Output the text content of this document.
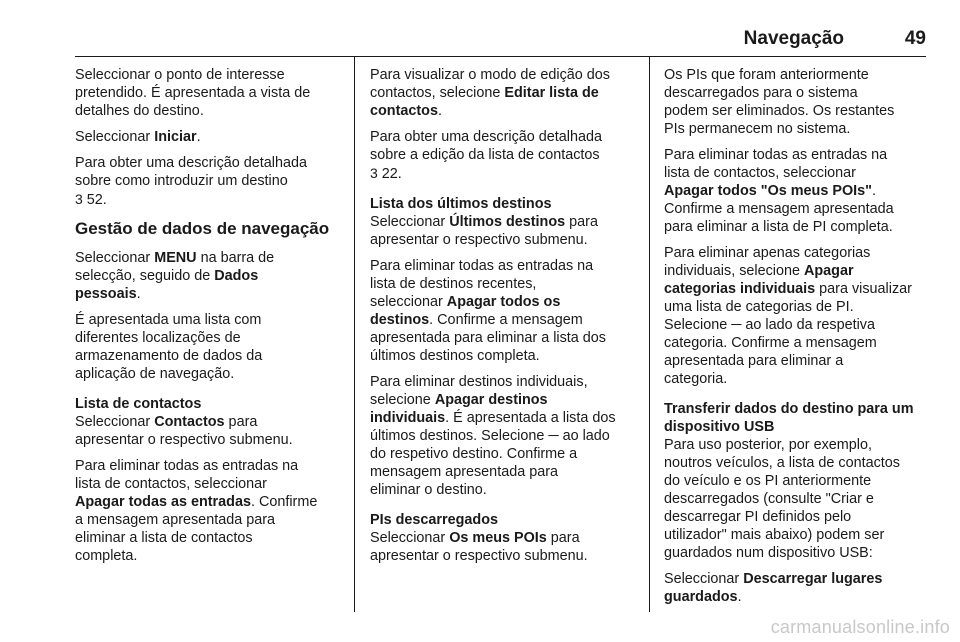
Navegação	49
Seleccionar o ponto de interesse
pretendido. É apresentada a vista de
detalhes do destino.
Seleccionar Iniciar.
Para obter uma descrição detalhada
sobre como introduzir um destino
3 52.
Gestão de dados de navegação
Seleccionar MENU na barra de
selecção, seguido de Dados
pessoais.
É apresentada uma lista com
diferentes localizações de
armazenamento de dados da
aplicação de navegação.
Lista de contactos
Seleccionar Contactos para
apresentar o respectivo submenu.
Para eliminar todas as entradas na
lista de contactos, seleccionar
Apagar todas as entradas. Confirme
a mensagem apresentada para
eliminar a lista de contactos
completa.
Para visualizar o modo de edição dos
contactos, selecione Editar lista de
contactos.
Para obter uma descrição detalhada
sobre a edição da lista de contactos
3 22.
Lista dos últimos destinos
Seleccionar Últimos destinos para
apresentar o respectivo submenu.
Para eliminar todas as entradas na
lista de destinos recentes,
seleccionar Apagar todos os
destinos. Confirme a mensagem
apresentada para eliminar a lista dos
últimos destinos completa.
Para eliminar destinos individuais,
selecione Apagar destinos
individuais. É apresentada a lista dos
últimos destinos. Selecione ─ ao lado
do respetivo destino. Confirme a
mensagem apresentada para
eliminar o destino.
PIs descarregados
Seleccionar Os meus POIs para
apresentar o respectivo submenu.
Os PIs que foram anteriormente
descarregados para o sistema
podem ser eliminados. Os restantes
PIs permanecem no sistema.
Para eliminar todas as entradas na
lista de contactos, seleccionar
Apagar todos "Os meus POIs".
Confirme a mensagem apresentada
para eliminar a lista de PI completa.
Para eliminar apenas categorias
individuais, selecione Apagar
categorias individuais para visualizar
uma lista de categorias de PI.
Selecione ─ ao lado da respetiva
categoria. Confirme a mensagem
apresentada para eliminar a
categoria.
Transferir dados do destino para um
dispositivo USB
Para uso posterior, por exemplo,
noutros veículos, a lista de contactos
do veículo e os PI anteriormente
descarregados (consulte "Criar e
descarregar PI definidos pelo
utilizador" mais abaixo) podem ser
guardados num dispositivo USB:
Seleccionar Descarregar lugares
guardados.
carmanualsonline.info
